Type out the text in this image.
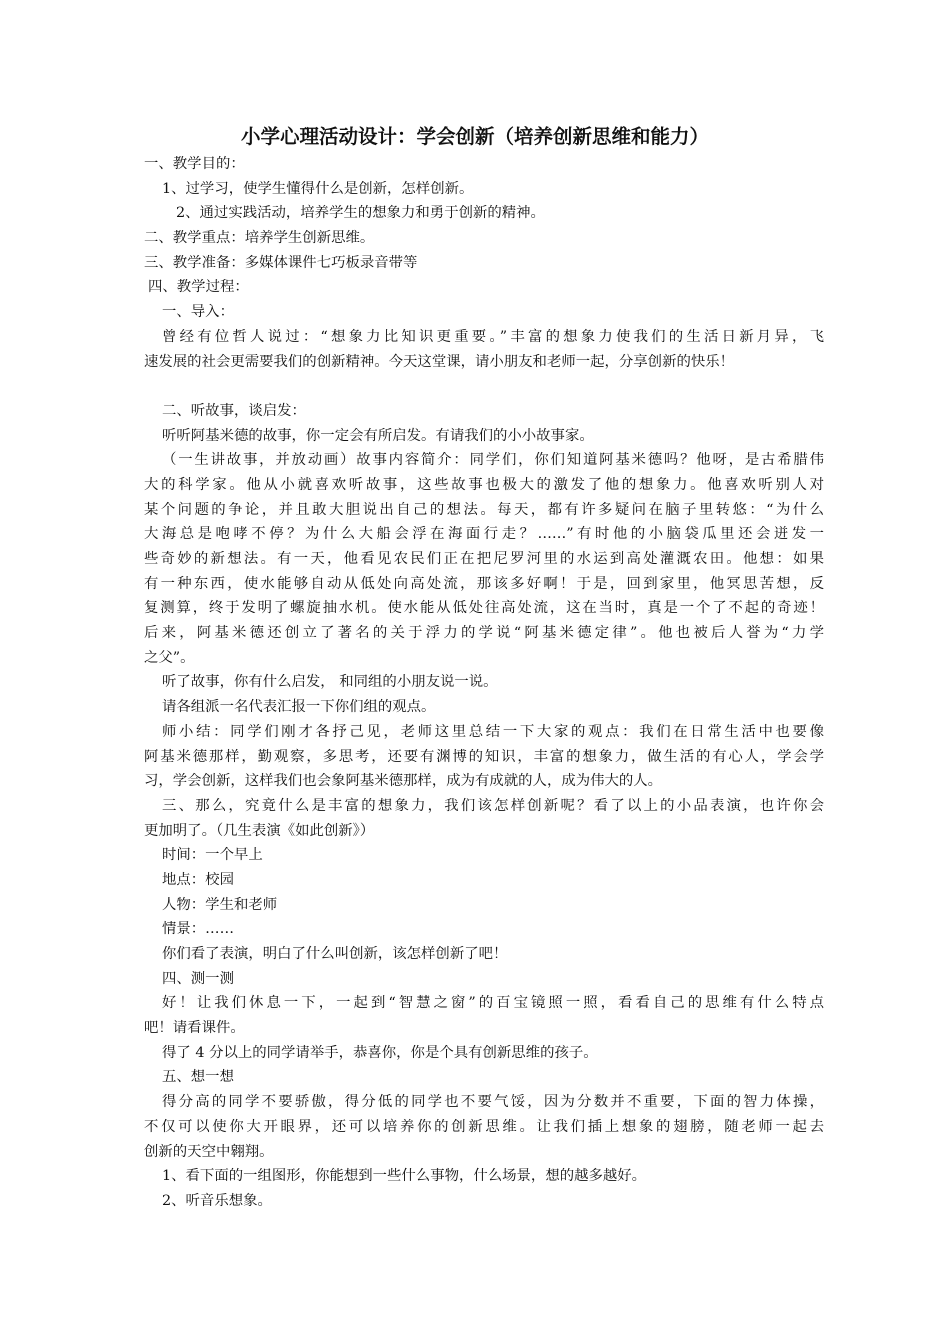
小学心理活动设计：学会创新（培养创新思维和能力）
一、教学目的：
1、过学习，使学生懂得什么是创新，怎样创新。
2、通过实践活动，培养学生的想象力和勇于创新的精神。
二、教学重点：培养学生创新思维。
三、教学准备：多媒体课件七巧板录音带等
四、教学过程：
一、导入：
曾经有位哲人说过：“想象力比知识更重要。”丰富的想象力使我们的生活日新月异，飞
速发展的社会更需要我们的创新精神。今天这堂课，请小朋友和老师一起，分享创新的快乐！
二、听故事，谈启发：
听听阿基米德的故事，你一定会有所启发。有请我们的小小故事家。
（一生讲故事，并放动画）故事内容简介：同学们，你们知道阿基米德吗？他呀，是古希腊伟
大的科学家。他从小就喜欢听故事，这些故事也极大的激发了他的想象力。他喜欢听别人对
某个问题的争论，并且敢大胆说出自己的想法。每天，都有许多疑问在脑子里转悠：“为什么
大海总是咆哮不停？为什么大船会浮在海面行走？……”有时他的小脑袋瓜里还会迸发一
些奇妙的新想法。有一天，他看见农民们正在把尼罗河里的水运到高处灌溉农田。他想：如果
有一种东西，使水能够自动从低处向高处流，那该多好啊！于是，回到家里，他冥思苦想，反
复测算，终于发明了螺旋抽水机。使水能从低处往高处流，这在当时，真是一个了不起的奇迹！
后来，阿基米德还创立了著名的关于浮力的学说“阿基米德定律”。他也被后人誉为“力学
之父”。
听了故事，你有什么启发， 和同组的小朋友说一说。
请各组派一名代表汇报一下你们组的观点。
师小结：同学们刚才各抒己见，老师这里总结一下大家的观点：我们在日常生活中也要像
阿基米德那样，勤观察，多思考，还要有渊博的知识，丰富的想象力，做生活的有心人，学会学
习，学会创新，这样我们也会象阿基米德那样，成为有成就的人，成为伟大的人。
三、那么，究竟什么是丰富的想象力，我们该怎样创新呢？看了以上的小品表演，也许你会
更加明了。（几生表演《如此创新》）
时间：一个早上
地点：校园
人物：学生和老师
情景：……
你们看了表演，明白了什么叫创新，该怎样创新了吧！
四、测一测
好！让我们休息一下，一起到“智慧之窗”的百宝镜照一照，看看自己的思维有什么特点
吧！请看课件。
得了 4 分以上的同学请举手，恭喜你，你是个具有创新思维的孩子。
五、想一想
得分高的同学不要骄傲，得分低的同学也不要气馁，因为分数并不重要，下面的智力体操，
不仅可以使你大开眼界，还可以培养你的创新思维。让我们插上想象的翅膀，随老师一起去
创新的天空中翱翔。
1、看下面的一组图形，你能想到一些什么事物，什么场景，想的越多越好。
2、听音乐想象。
